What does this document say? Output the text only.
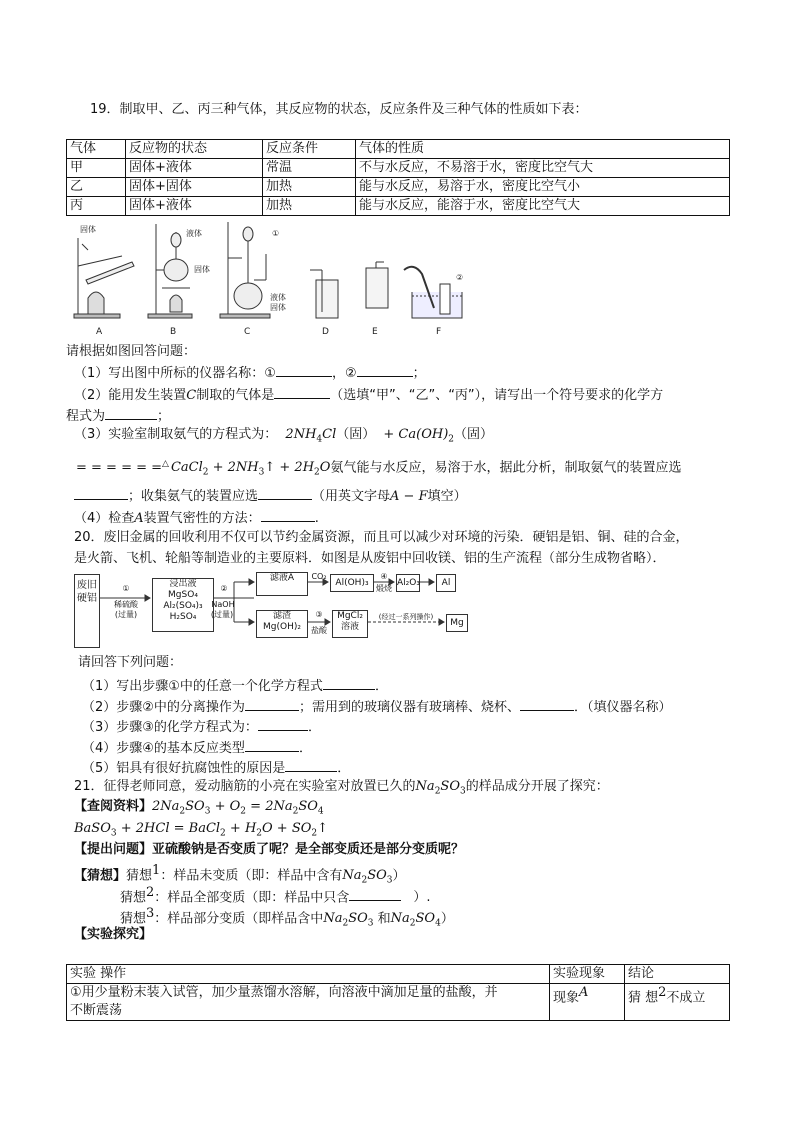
19．制取甲、乙、丙三种气体，其反应物的状态，反应条件及三种气体的性质如下表：
气体	反应物的状态	反应条件	气体的性质
甲	固体+液体	常温	不与水反应，不易溶于水，密度比空气大
乙	固体+固体	加热	能与水反应，易溶于水，密度比空气小
丙	固体+液体	加热	能与水反应，能溶于水，密度比空气大
固体	液体
固体
①
液体
固体
②
A	B	C	D	E	F
请根据如图回答问题：
（1）写出图中所标的仪器名称：①	，②	；
（2）能用发生装置C制取的气体是	（选填“甲”、“乙”、“丙”），请写出一个符号要求的化学方
程式为	；
（3）实验室制取氨气的方程式为： $2NH_4Cl$（固） + $Ca(OH)_2$（固）
= = = = = =△ CaCl$_2$ + $2NH_3↑ + 2H_2O$氨气能与水反应，易溶于水，据此分析，制取氨气的装置应选
；收集氨气的装置应选	（用英文字母A − F填空）
（4）检查A装置气密性的方法：	.
20．废旧金属的回收利用不仅可以节约金属资源，而且可以减少对环境的污染．硬铝是铝、铜、硅的合金，
是火箭、飞机、轮船等制造业的主要原料．如图是从废铝中回收镁、铝的生产流程（部分生成物省略）．
废旧硬铝
①
稀硫酸
(过量)
浸出液
MgSO₄
Al₂(SO₄)₃
H₂SO₄
②
NaOH
(过量)
滤液A	CO₂
Al(OH)₃
④
煅烧
Al₂O₃	Al
滤渣Mg(OH)₂
③
盐酸
MgCl₂溶液
(经过一系列操作)
Mg
请回答下列问题：
（1）写出步骤①中的任意一个化学方程式	．
（2）步骤②中的分离操作为	；需用到的玻璃仪器有玻璃棒、烧杯、	．（填仪器名称）
（3）步骤③的化学方程式为：	．
（4）步骤④的基本反应类型	．
（5）铝具有很好抗腐蚀性的原因是	．
21．征得老师同意，爱动脑筋的小亮在实验室对放置已久的$Na_2SO_3$的样品成分开展了探究：
【查阅资料】$2Na_2SO_3 + O_2 = 2Na_2SO_4$
BaSO$_3$ + 2HCl = BaCl$_2$ + $H_2O$ + $SO_2↑$
【提出问题】亚硫酸钠是否变质了呢？是全部变质还是部分变质呢？
【猜想】猜想$^1$：样品未变质（即：样品中含有$Na_2SO_3$）
猜想$^2$：样品全部变质（即：样品中只含	）.
猜想$^3$：样品部分变质（即样品含中$Na_2SO_3$ 和$Na_2SO_4$）
【实验探究】
实验 操作	实验现象	结论

①用少量粉末装入试管，加少量蒸馏水溶解，向溶液中滴加足量的盐酸，并
不断震荡	现象$^A$	猜 想$^2$不成立
